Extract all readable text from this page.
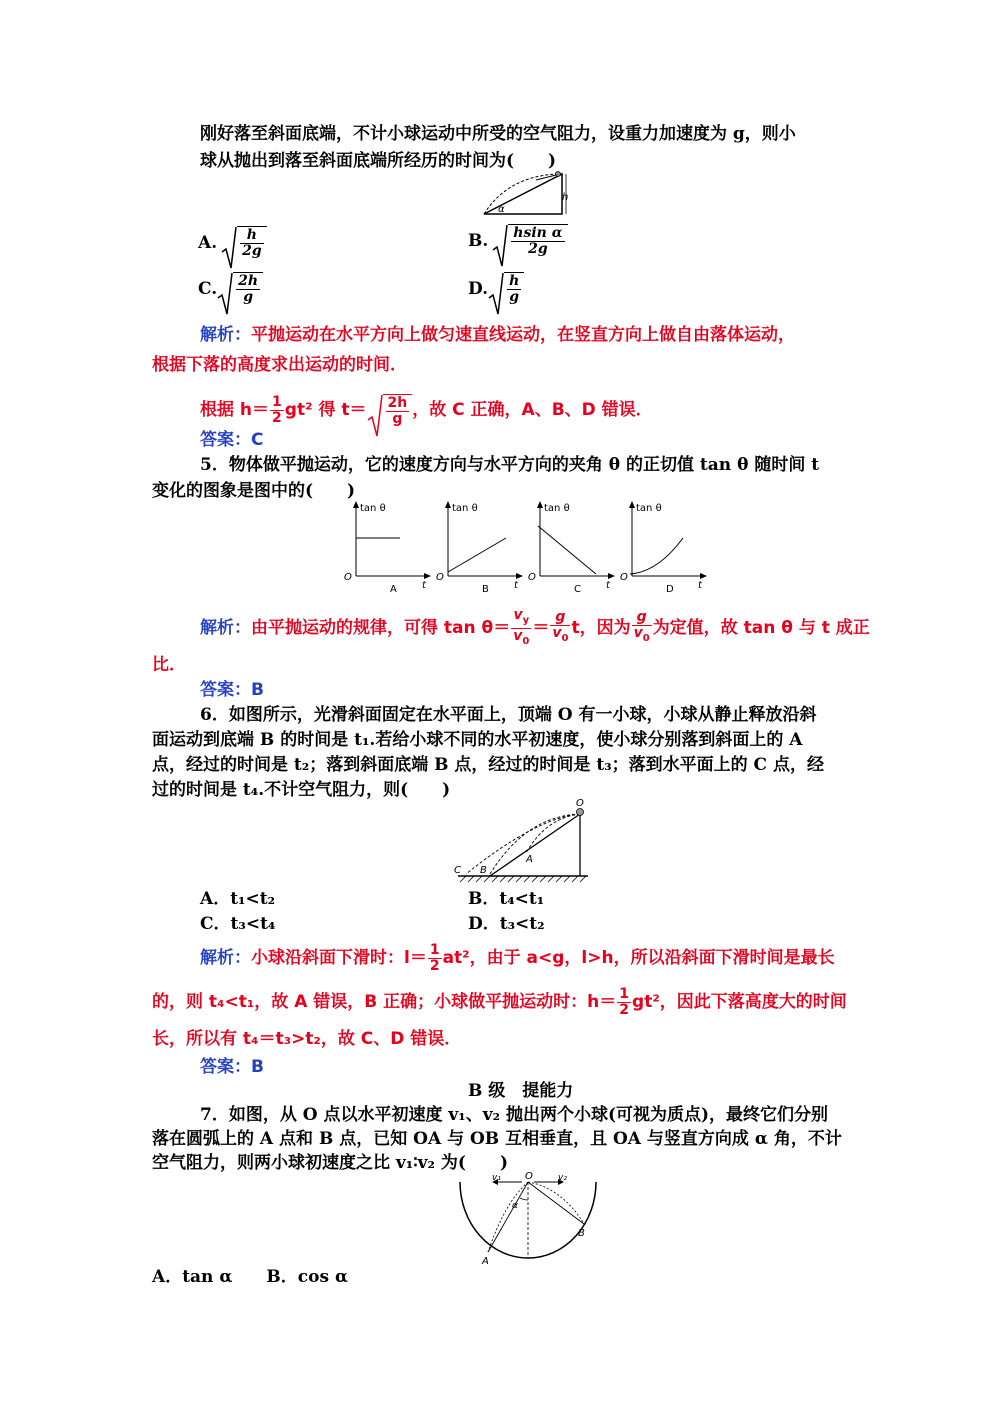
刚好落至斜面底端，不计小球运动中所受的空气阻力，设重力加速度为 g，则小
球从抛出到落至斜面底端所经历的时间为(　　)
h
α
A. $\frac{h}{2g}$	B. $\frac{\text{hsin α}}{2g}$
C. $\frac{2h}{g}$	D. $\frac{h}{g}$
解析：平抛运动在水平方向上做匀速直线运动，在竖直方向上做自由落体运动，
根据下落的高度求出运动的时间．
根据 $h= \frac{1}{2} gt^2$ 得 $t= \frac{2h}{g}$ ，故 C 正确，A、B、D 错误．
答案：C
5．物体做平抛运动，它的速度方向与水平方向的夹角 θ 的正切值 tan θ 随时间 t
变化的图象是图中的(　　)
tan θ
t
O
A
tan θ
t
O
B
tan θ
t
O
C
tan θ
t
O
D
解析： 由平抛运动的规律，可得 $\tan \theta= \frac{v_y}{v_0} = \frac{g}{v_0}$ t，因为 $\frac{g}{v_0}$ 为定值，故 tan θ 与 t 成正
比．
答案：B
6．如图所示，光滑斜面固定在水平面上，顶端 O 有一小球，小球从静止释放沿斜
面运动到底端 B 的时间是 t₁.若给小球不同的水平初速度，使小球分别落到斜面上的 A
点，经过的时间是 t₂；落到斜面底端 B 点，经过的时间是 t₃；落到水平面上的 C 点，经
过的时间是 t₄.不计空气阻力，则(　　)
O
A
B
C
A．t₁<t₂	B．t₄<t₁
C．t₃<t₄	D．t₃<t₂
解析： 小球沿斜面下滑时：$l= \frac{1}{2} at^2$，由于 a<g，l>h，所以沿斜面下滑时间是最长
的，则 t₄<t₁，故 A 错误，B 正确；小球做平抛运动时：$h= \frac{1}{2} gt^2$，因此下落高度大的时间
长，所以有 t₄＝t₃>t₂，故 C、D 错误．
答案：B
B 级　提能力
7．如图，从 O 点以水平初速度 v₁、v₂ 抛出两个小球(可视为质点)，最终它们分别
落在圆弧上的 A 点和 B 点，已知 OA 与 OB 互相垂直，且 OA 与竖直方向成 α 角，不计
空气阻力，则两小球初速度之比 v₁∶v₂ 为(　　)
v₁ O	v₂
α
A
B
A．tan α　　B．cos α
